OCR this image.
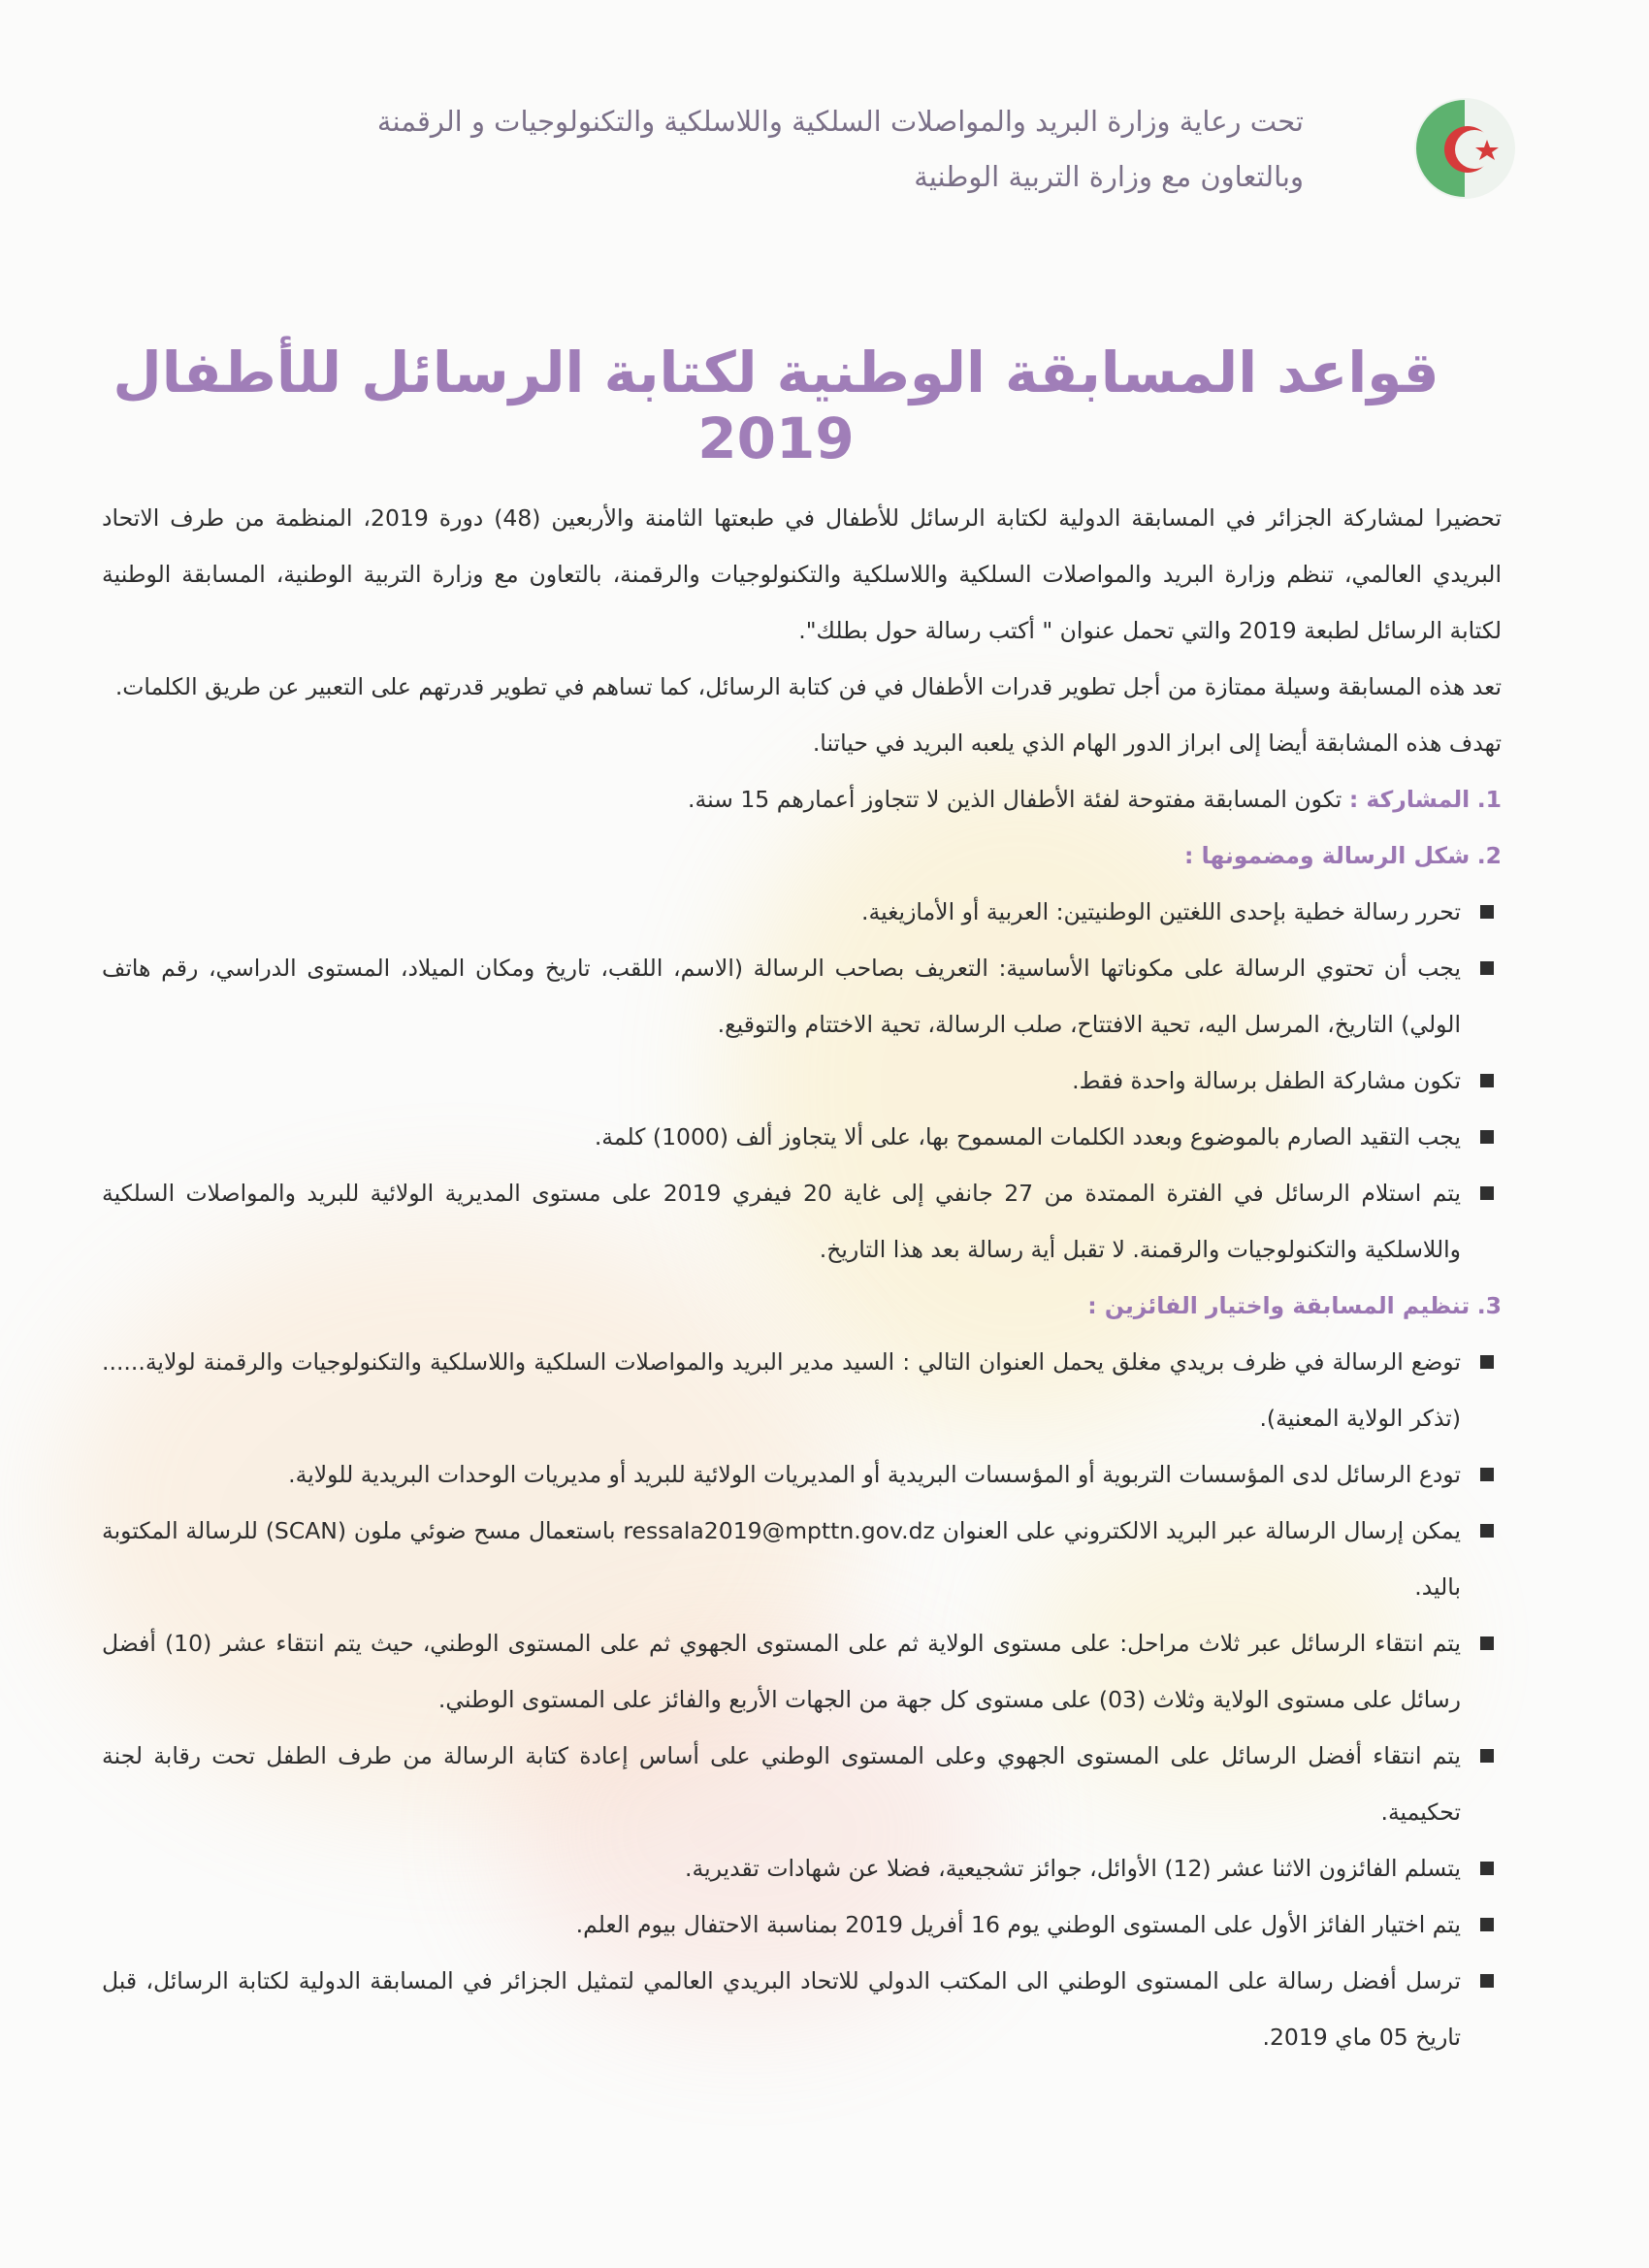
تحت رعاية وزارة البريد والمواصلات السلكية واللاسلكية والتكنولوجيات و الرقمنة
وبالتعاون مع وزارة التربية الوطنية
قواعد المسابقة الوطنية لكتابة الرسائل للأطفال 2019

تحضيرا لمشاركة الجزائر في المسابقة الدولية لكتابة الرسائل للأطفال في طبعتها الثامنة والأربعين (48) دورة 2019، المنظمة من طرف الاتحاد البريدي العالمي، تنظم وزارة البريد والمواصلات السلكية واللاسلكية والتكنولوجيات والرقمنة، بالتعاون مع وزارة التربية الوطنية، المسابقة الوطنية لكتابة الرسائل لطبعة 2019 والتي تحمل عنوان " أكتب رسالة حول بطلك".

تعد هذه المسابقة وسيلة ممتازة من أجل تطوير قدرات الأطفال في فن كتابة الرسائل، كما تساهم في تطوير قدرتهم على التعبير عن طريق الكلمات.

تهدف هذه المشابقة أيضا إلى ابراز الدور الهام الذي يلعبه البريد في حياتنا.

1. المشاركة : تكون المسابقة مفتوحة لفئة الأطفال الذين لا تتجاوز أعمارهم 15 سنة.

2. شكل الرسالة ومضمونها :

تحرر رسالة خطية بإحدى اللغتين الوطنيتين: العربية أو الأمازيغية.

يجب أن تحتوي الرسالة على مكوناتها الأساسية: التعريف بصاحب الرسالة (الاسم، اللقب، تاريخ ومكان الميلاد، المستوى الدراسي، رقم هاتف الولي) التاريخ، المرسل اليه، تحية الافتتاح، صلب الرسالة، تحية الاختتام والتوقيع.

تكون مشاركة الطفل برسالة واحدة فقط.

يجب التقيد الصارم بالموضوع وبعدد الكلمات المسموح بها، على ألا يتجاوز ألف (1000) كلمة.

يتم استلام الرسائل في الفترة الممتدة من 27 جانفي إلى غاية 20 فيفري 2019 على مستوى المديرية الولائية للبريد والمواصلات السلكية واللاسلكية والتكنولوجيات والرقمنة. لا تقبل أية رسالة بعد هذا التاريخ.

3. تنظيم المسابقة واختيار الفائزين :

توضع الرسالة في ظرف بريدي مغلق يحمل العنوان التالي : السيد مدير البريد والمواصلات السلكية واللاسلكية والتكنولوجيات والرقمنة لولاية...... (تذكر الولاية المعنية).

تودع الرسائل لدى المؤسسات التربوية أو المؤسسات البريدية أو المديريات الولائية للبريد أو مديريات الوحدات البريدية للولاية.

يمكن إرسال الرسالة عبر البريد الالكتروني على العنوان ressala2019@mpttn.gov.dz باستعمال مسح ضوئي ملون (SCAN) للرسالة المكتوبة باليد.

يتم انتقاء الرسائل عبر ثلاث مراحل: على مستوى الولاية ثم على المستوى الجهوي ثم على المستوى الوطني، حيث يتم انتقاء عشر (10) أفضل رسائل على مستوى الولاية وثلاث (03) على مستوى كل جهة من الجهات الأربع والفائز على المستوى الوطني.

يتم انتقاء أفضل الرسائل على المستوى الجهوي وعلى المستوى الوطني على أساس إعادة كتابة الرسالة من طرف الطفل تحت رقابة لجنة تحكيمية.

يتسلم الفائزون الاثنا عشر (12) الأوائل، جوائز تشجيعية، فضلا عن شهادات تقديرية.

يتم اختيار الفائز الأول على المستوى الوطني يوم 16 أفريل 2019 بمناسبة الاحتفال بيوم العلم.

ترسل أفضل رسالة على المستوى الوطني الى المكتب الدولي للاتحاد البريدي العالمي لتمثيل الجزائر في المسابقة الدولية لكتابة الرسائل، قبل تاريخ 05 ماي 2019.
